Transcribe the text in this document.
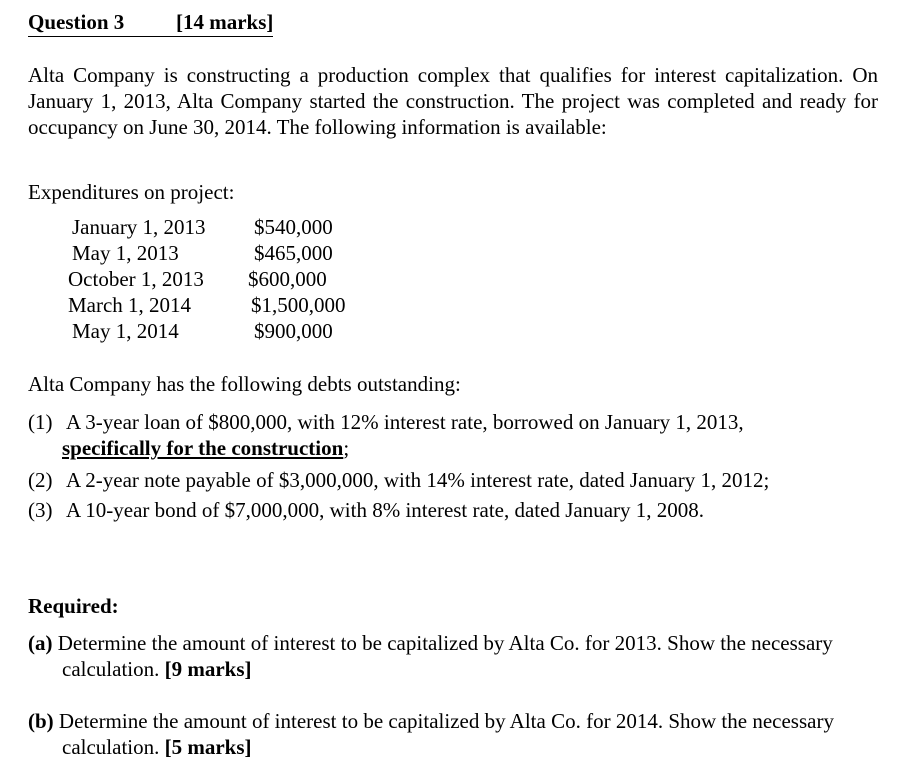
Question 3 [14 marks]
Alta Company is constructing a production complex that qualifies for interest capitalization. On January 1, 2013, Alta Company started the construction. The project was completed and ready for occupancy on June 30, 2014. The following information is available:
Expenditures on project:
January 1, 2013 $540,000
May 1, 2013	$465,000
October 1, 2013 $600,000
March 1, 2014	$1,500,000
May 1, 2014	$900,000
Alta Company has the following debts outstanding:
(1) A 3-year loan of $800,000, with 12% interest rate, borrowed on January 1, 2013,
specifically for the construction;
(2) A 2-year note payable of $3,000,000, with 14% interest rate, dated January 1, 2012;
(3) A 10-year bond of $7,000,000, with 8% interest rate, dated January 1, 2008.
Required:
(a) Determine the amount of interest to be capitalized by Alta Co. for 2013. Show the necessary
calculation. [9 marks]
(b) Determine the amount of interest to be capitalized by Alta Co. for 2014. Show the necessary
calculation. [5 marks]
